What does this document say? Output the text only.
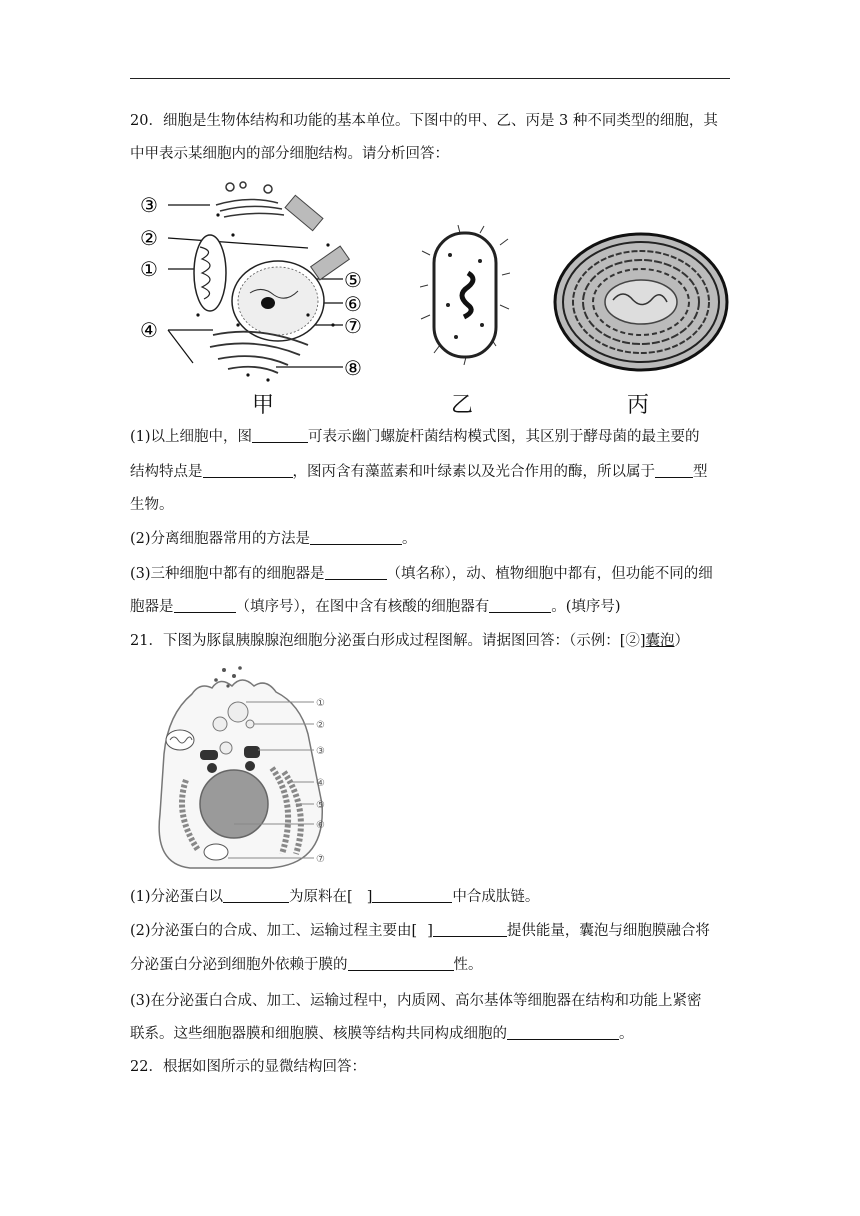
20．细胞是生物体结构和功能的基本单位。下图中的甲、乙、丙是 3 种不同类型的细胞，其
中甲表示某细胞内的部分细胞结构。请分析回答：
③
②
①
④
⑤
⑥
⑦
⑧
甲	乙	丙
(1)以上细胞中，图	可表示幽门螺旋杆菌结构模式图，其区别于酵母菌的最主要的
结构特点是	，图丙含有藻蓝素和叶绿素以及光合作用的酶，所以属于	型
生物。
(2)分离细胞器常用的方法是	。
(3)三种细胞中都有的细胞器是	（填名称），动、植物细胞中都有，但功能不同的细
胞器是	（填序号），在图中含有核酸的细胞器有	。(填序号)
21．下图为豚鼠胰腺腺泡细胞分泌蛋白形成过程图解。请据图回答：（示例：[②]囊泡）
①
②
③
④
⑤
⑥
⑦
(1)分泌蛋白以	为原料在[ ]	中合成肽链。
(2)分泌蛋白的合成、加工、运输过程主要由[ ]	提供能量，囊泡与细胞膜融合将
分泌蛋白分泌到细胞外依赖于膜的	性。
(3)在分泌蛋白合成、加工、运输过程中，内质网、高尔基体等细胞器在结构和功能上紧密
联系。这些细胞器膜和细胞膜、核膜等结构共同构成细胞的	。
22．根据如图所示的显微结构回答：
